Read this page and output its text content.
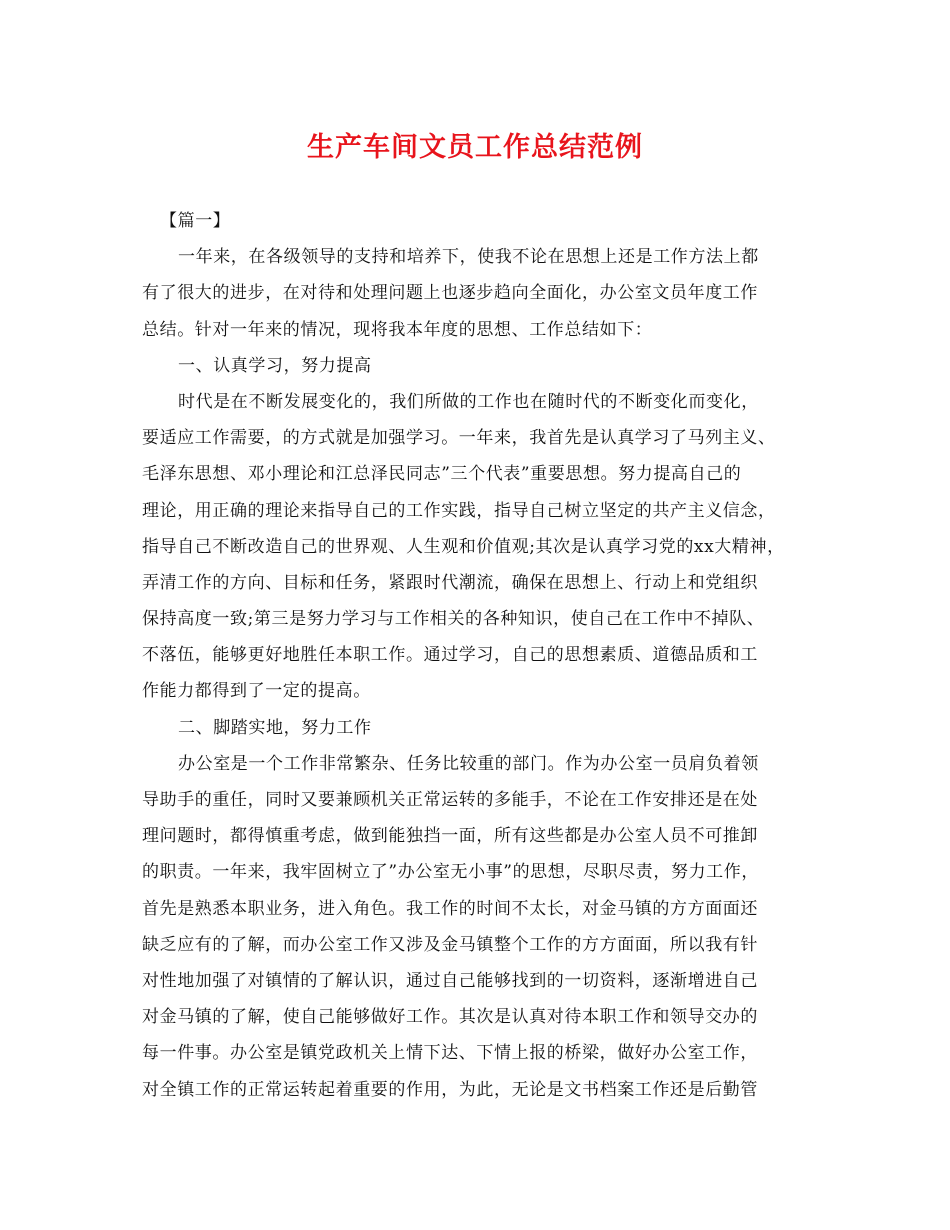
生产车间文员工作总结范例
【篇一】
一年来，在各级领导的支持和培养下，使我不论在思想上还是工作方法上都
有了很大的进步，在对待和处理问题上也逐步趋向全面化，办公室文员年度工作
总结。针对一年来的情况，现将我本年度的思想、工作总结如下：
一、认真学习，努力提高
时代是在不断发展变化的，我们所做的工作也在随时代的不断变化而变化，
要适应工作需要，的方式就是加强学习。一年来，我首先是认真学习了马列主义、
毛泽东思想、邓小理论和江总泽民同志”三个代表”重要思想。努力提高自己的
理论，用正确的理论来指导自己的工作实践，指导自己树立坚定的共产主义信念，
指导自己不断改造自己的世界观、人生观和价值观;其次是认真学习党的xx大精神，
弄清工作的方向、目标和任务，紧跟时代潮流，确保在思想上、行动上和党组织
保持高度一致;第三是努力学习与工作相关的各种知识，使自己在工作中不掉队、
不落伍，能够更好地胜任本职工作。通过学习，自己的思想素质、道德品质和工
作能力都得到了一定的提高。
二、脚踏实地，努力工作
办公室是一个工作非常繁杂、任务比较重的部门。作为办公室一员肩负着领
导助手的重任，同时又要兼顾机关正常运转的多能手，不论在工作安排还是在处
理问题时，都得慎重考虑，做到能独挡一面，所有这些都是办公室人员不可推卸
的职责。一年来，我牢固树立了”办公室无小事”的思想，尽职尽责，努力工作，
首先是熟悉本职业务，进入角色。我工作的时间不太长，对金马镇的方方面面还
缺乏应有的了解，而办公室工作又涉及金马镇整个工作的方方面面，所以我有针
对性地加强了对镇情的了解认识，通过自己能够找到的一切资料，逐渐增进自己
对金马镇的了解，使自己能够做好工作。其次是认真对待本职工作和领导交办的
每一件事。办公室是镇党政机关上情下达、下情上报的桥梁，做好办公室工作，
对全镇工作的正常运转起着重要的作用，为此，无论是文书档案工作还是后勤管
